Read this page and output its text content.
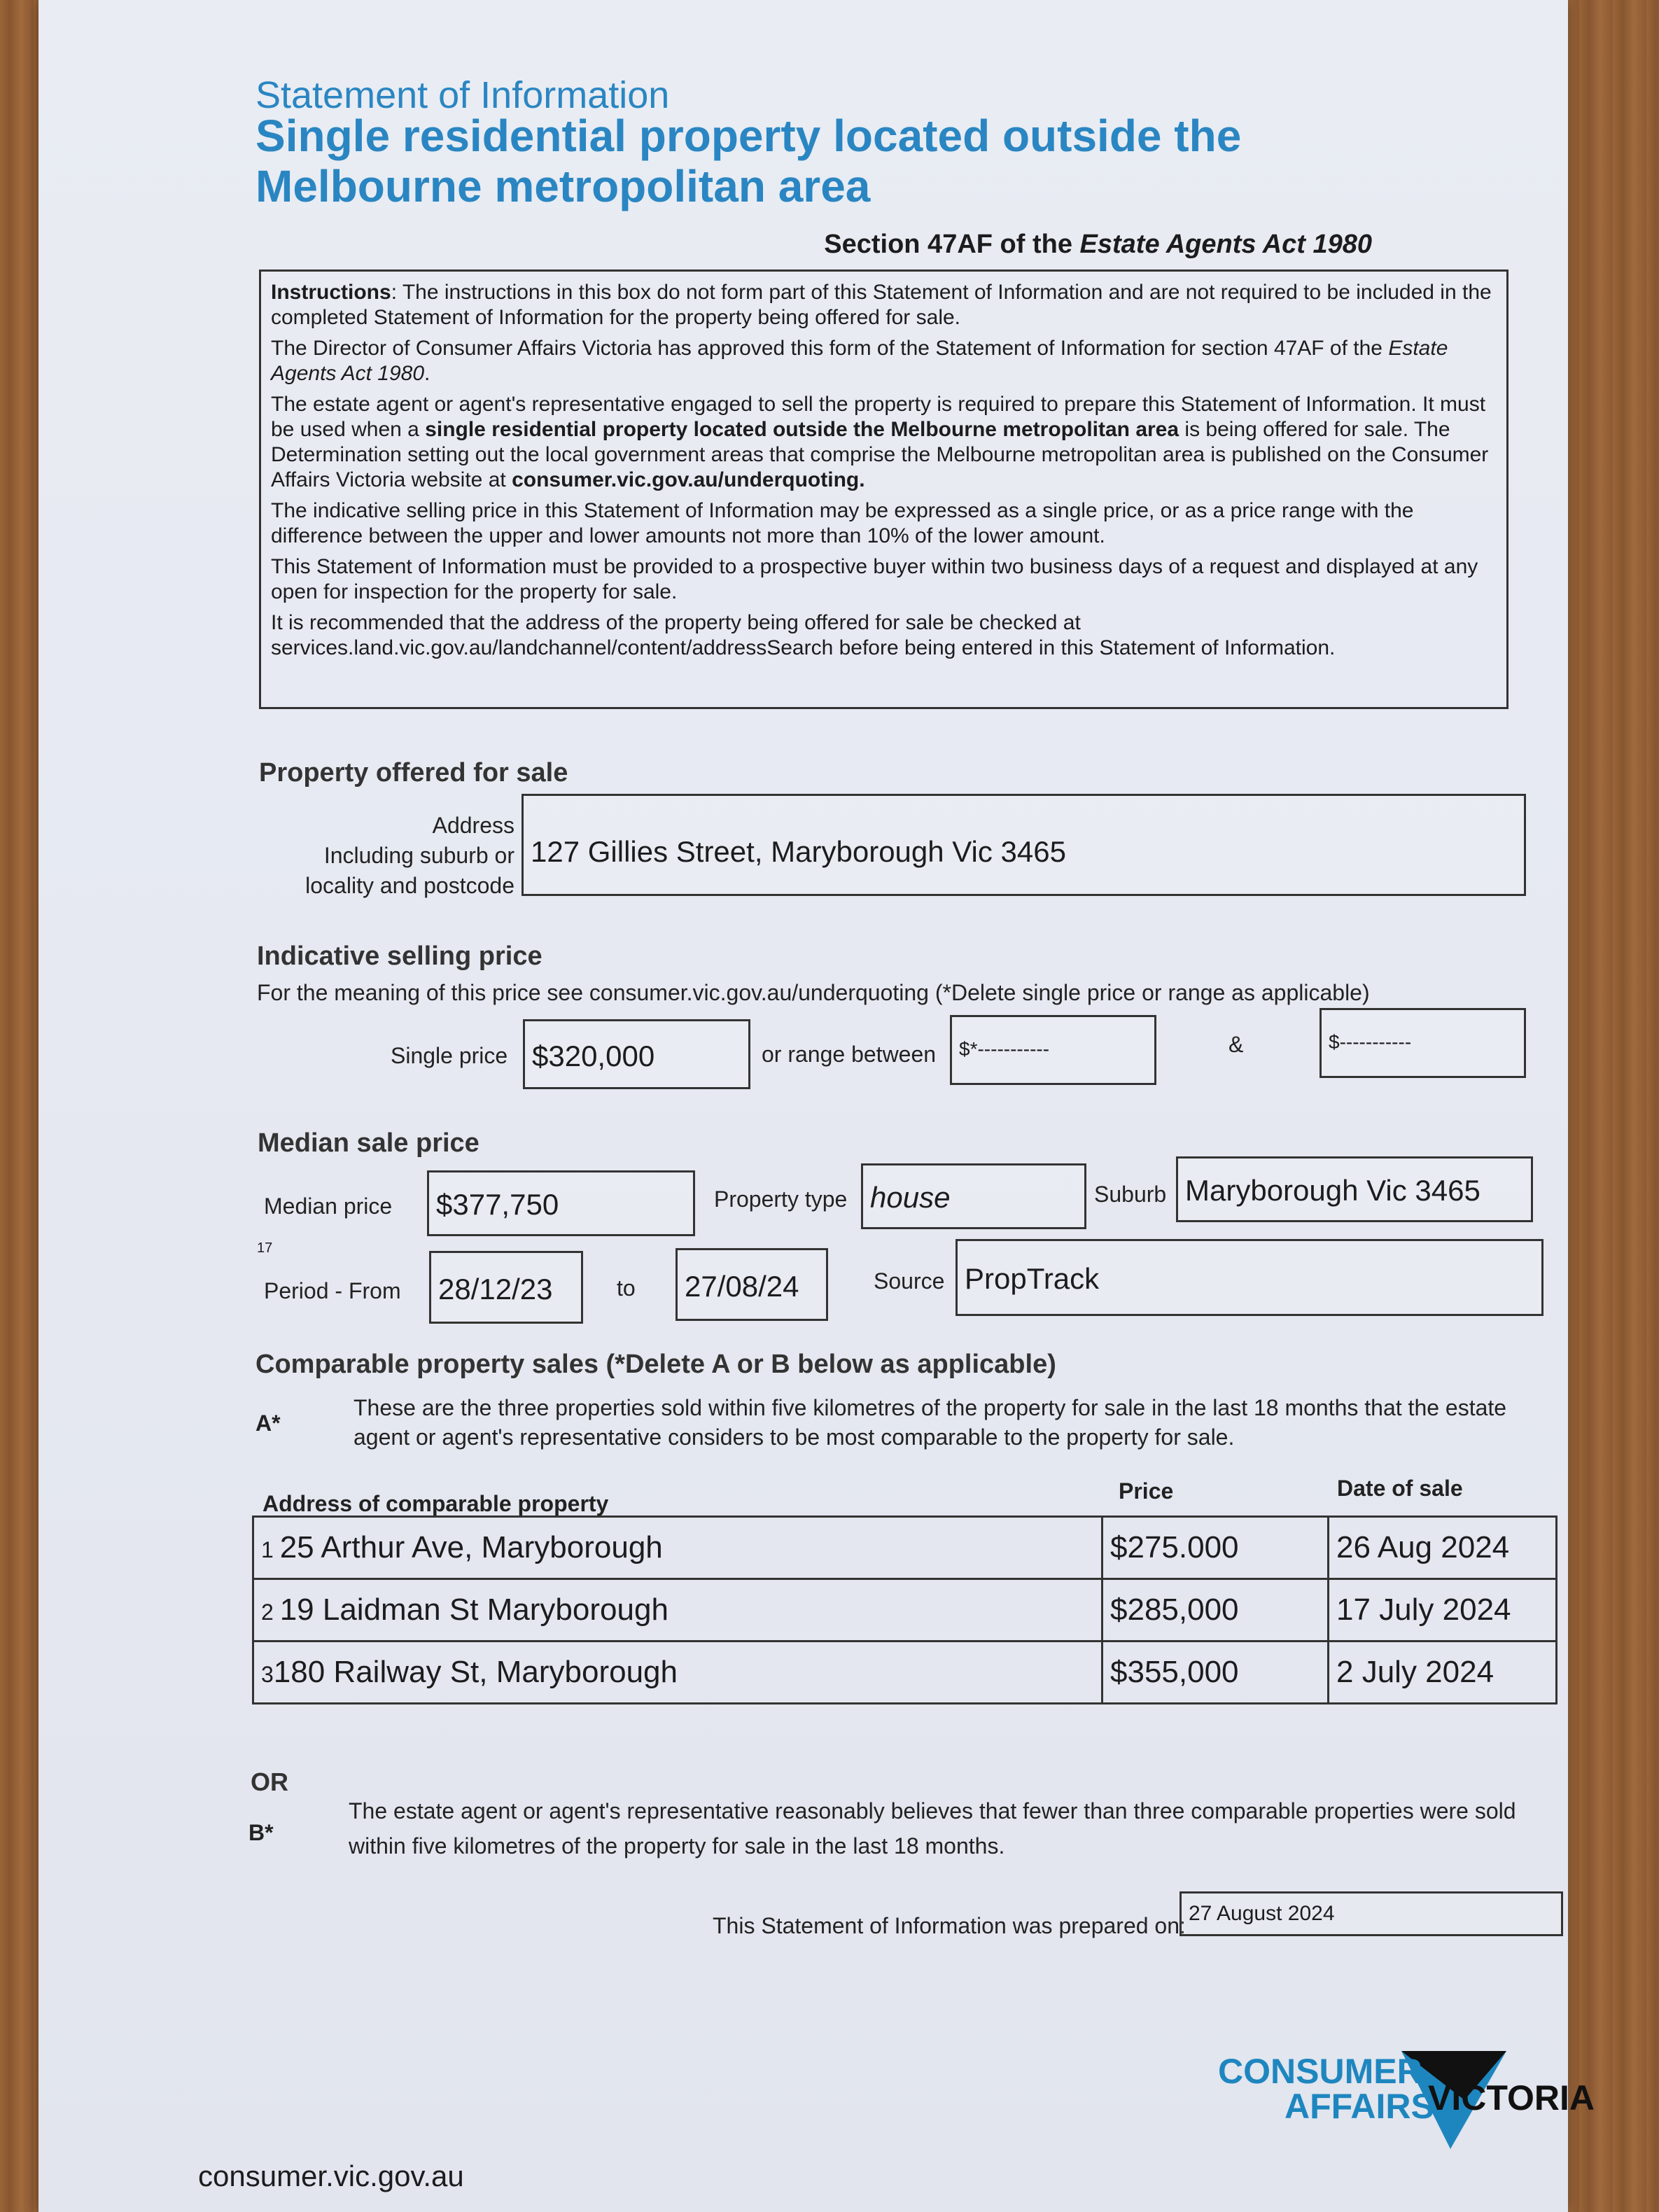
Statement of Information
Single residential property located outside the
Melbourne metropolitan area
Section 47AF of the Estate Agents Act 1980

Instructions: The instructions in this box do not form part of this Statement of Information and are not required to be included in the completed Statement of Information for the property being offered for sale.

The Director of Consumer Affairs Victoria has approved this form of the Statement of Information for section 47AF of the Estate Agents Act 1980.

The estate agent or agent's representative engaged to sell the property is required to prepare this Statement of Information. It must be used when a single residential property located outside the Melbourne metropolitan area is being offered for sale. The Determination setting out the local government areas that comprise the Melbourne metropolitan area is published on the Consumer Affairs Victoria website at consumer.vic.gov.au/underquoting.

The indicative selling price in this Statement of Information may be expressed as a single price, or as a price range with the difference between the upper and lower amounts not more than 10% of the lower amount.

This Statement of Information must be provided to a prospective buyer within two business days of a request and displayed at any open for inspection for the property for sale.

It is recommended that the address of the property being offered for sale be checked at services.land.vic.gov.au/landchannel/content/addressSearch before being entered in this Statement of Information.

Property offered for sale
Address
Including suburb or
locality and postcode
127 Gillies Street, Maryborough Vic 3465
Indicative selling price
For the meaning of this price see consumer.vic.gov.au/underquoting (*Delete single price or range as applicable)
Single price $320,000	or range between	$*-----------	&	$-----------
Median sale price
Median price	$377,750	Property type house	Suburb Maryborough Vic 3465
17
Period - From	28/12/23	to	27/08/24	Source PropTrack
Comparable property sales (*Delete A or B below as applicable)
A*
These are the three properties sold within five kilometres of the property for sale in the last 18 months that the estate agent or agent's representative considers to be most comparable to the property for sale.
Address of comparable property	Price	Date of sale
1 25 Arthur Ave, Maryborough	$275.000	26 Aug 2024
2 19 Laidman St Maryborough	$285,000	17 July 2024
3180 Railway St, Maryborough	$355,000	2 July 2024
OR
B*
The estate agent or agent's representative reasonably believes that fewer than three comparable properties were sold within five kilometres of the property for sale in the last 18 months.
This Statement of Information was prepared on: 27 August 2024
CONSUMER
AFFAIRS
VICTORIA
consumer.vic.gov.au
